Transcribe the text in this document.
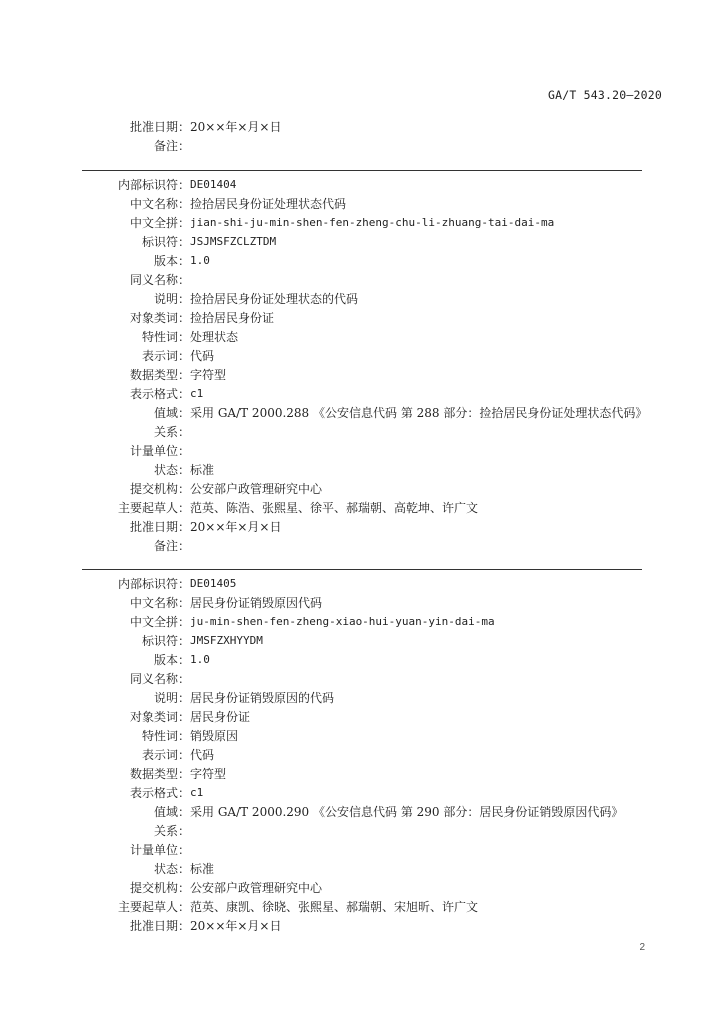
GA/T 543.20—2020
批准日期 ：	20××年×月×日
备注 ：
内部标识符 ：	DE01404
中文名称 ：	捡拾居民身份证处理状态代码
中文全拼 ：	jian-shi-ju-min-shen-fen-zheng-chu-li-zhuang-tai-dai-ma
标识符 ：	JSJMSFZCLZTDM
版本 ：	1.0
同义名称 ：
说明 ：	捡拾居民身份证处理状态的代码
对象类词 ：	捡拾居民身份证
特性词 ：	处理状态
表示词 ：	代码
数据类型 ：	字符型
表示格式 ：	c1
值域 ：	采用 GA/T 2000.288 《公安信息代码 第 288 部分：捡拾居民身份证处理状态代码》
关系 ：
计量单位 ：
状态 ：	标准
提交机构 ：	公安部户政管理研究中心
主要起草人 ：	范英、陈浩、张熙星、徐平、郝瑞朝、高乾坤、许广文
批准日期 ：	20××年×月×日
备注 ：
内部标识符 ：	DE01405
中文名称 ：	居民身份证销毁原因代码
中文全拼 ：	ju-min-shen-fen-zheng-xiao-hui-yuan-yin-dai-ma
标识符 ：	JMSFZXHYYDM
版本 ：	1.0
同义名称 ：
说明 ：	居民身份证销毁原因的代码
对象类词 ：	居民身份证
特性词 ：	销毁原因
表示词 ：	代码
数据类型 ：	字符型
表示格式 ：	c1
值域 ：	采用 GA/T 2000.290 《公安信息代码 第 290 部分：居民身份证销毁原因代码》
关系 ：
计量单位 ：
状态 ：	标准
提交机构 ：	公安部户政管理研究中心
主要起草人 ：	范英、康凯、徐晓、张熙星、郝瑞朝、宋旭昕、许广文
批准日期 ：	20××年×月×日
2
